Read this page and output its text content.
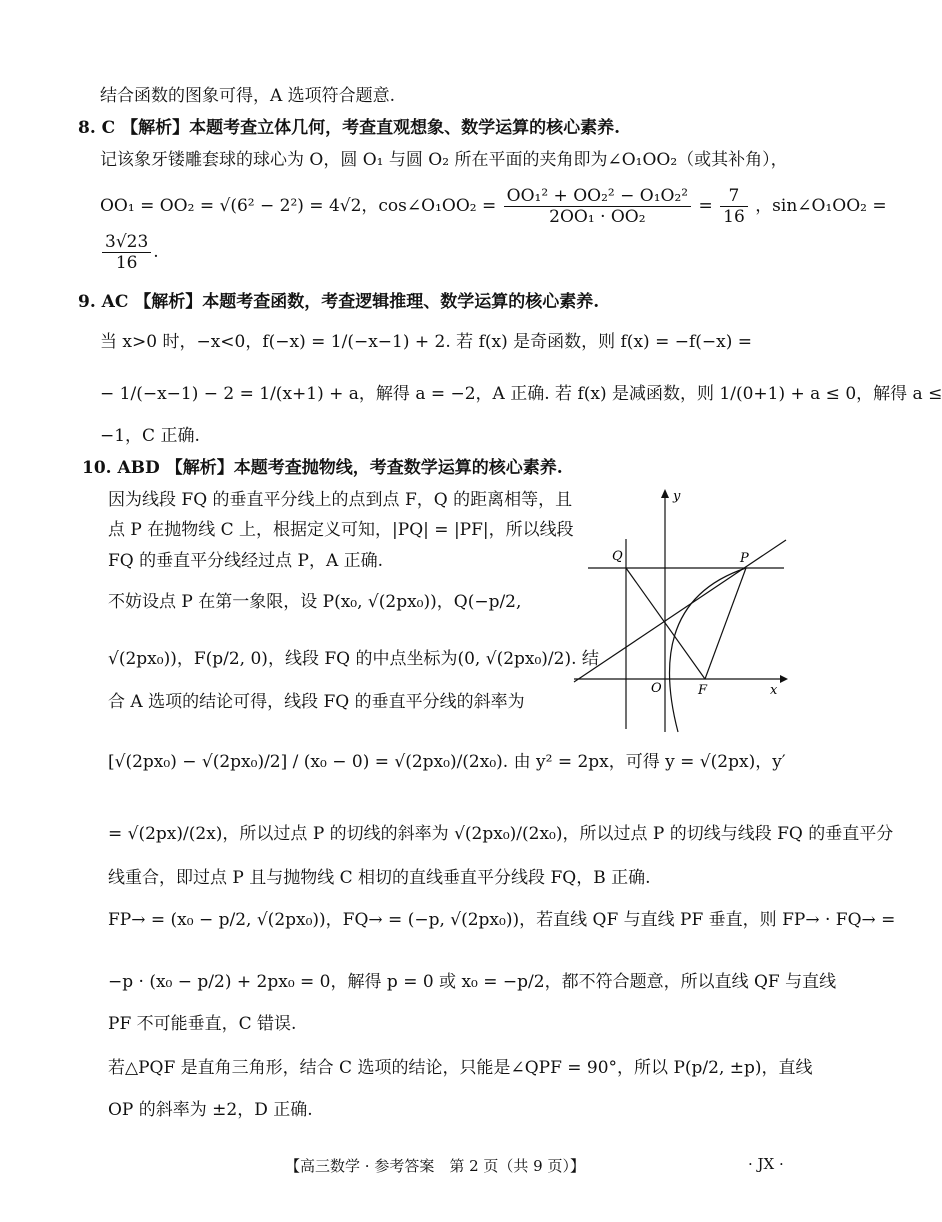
结合函数的图象可得，A 选项符合题意.
8. C 【解析】本题考查立体几何，考查直观想象、数学运算的核心素养.
记该象牙镂雕套球的球心为 O，圆 O₁ 与圆 O₂ 所在平面的夹角即为∠O₁OO₂（或其补角），
OO₁ = OO₂ = √(6² − 2²) = 4√2，cos∠O₁OO₂ = $\frac{\text{OO₁² + OO₂² − O₁O₂²}}{\text{2OO₁ · OO₂}} = \frac{7}{16}$ ，sin∠O₁OO₂ =
$\frac{3√23}{16}$ .
9. AC 【解析】本题考查函数，考查逻辑推理、数学运算的核心素养.
当 x>0 时，−x<0，f(−x) = 1/(−x−1) + 2. 若 f(x) 是奇函数，则 f(x) = −f(−x) =
− 1/(−x−1) − 2 = 1/(x+1) + a，解得 a = −2，A 正确. 若 f(x) 是减函数，则 1/(0+1) + a ≤ 0，解得 a ≤
−1，C 正确.
10. ABD 【解析】本题考查抛物线，考查数学运算的核心素养.
因为线段 FQ 的垂直平分线上的点到点 F，Q 的距离相等，且
点 P 在抛物线 C 上，根据定义可知，|PQ| = |PF|，所以线段
FQ 的垂直平分线经过点 P，A 正确.
不妨设点 P 在第一象限，设 P(x₀, √(2px₀))，Q(−p/2,
√(2px₀))，F(p/2, 0)，线段 FQ 的中点坐标为(0, √(2px₀)/2). 结
合 A 选项的结论可得，线段 FQ 的垂直平分线的斜率为
[√(2px₀) − √(2px₀)/2] / (x₀ − 0) = √(2px₀)/(2x₀). 由 y² = 2px，可得 y = √(2px)，y′
= √(2px)/(2x)，所以过点 P 的切线的斜率为 √(2px₀)/(2x₀)，所以过点 P 的切线与线段 FQ 的垂直平分
线重合，即过点 P 且与抛物线 C 相切的直线垂直平分线段 FQ，B 正确.
FP→ = (x₀ − p/2, √(2px₀))，FQ→ = (−p, √(2px₀))，若直线 QF 与直线 PF 垂直，则 FP→ · FQ→ =
−p · (x₀ − p/2) + 2px₀ = 0，解得 p = 0 或 x₀ = −p/2，都不符合题意，所以直线 QF 与直线
PF 不可能垂直，C 错误.
若△PQF 是直角三角形，结合 C 选项的结论，只能是∠QPF = 90°，所以 P(p/2, ±p)，直线
OP 的斜率为 ±2，D 正确.
y
x
O	F
P
Q
【高三数学 · 参考答案　第 2 页（共 9 页）】	· JX ·
